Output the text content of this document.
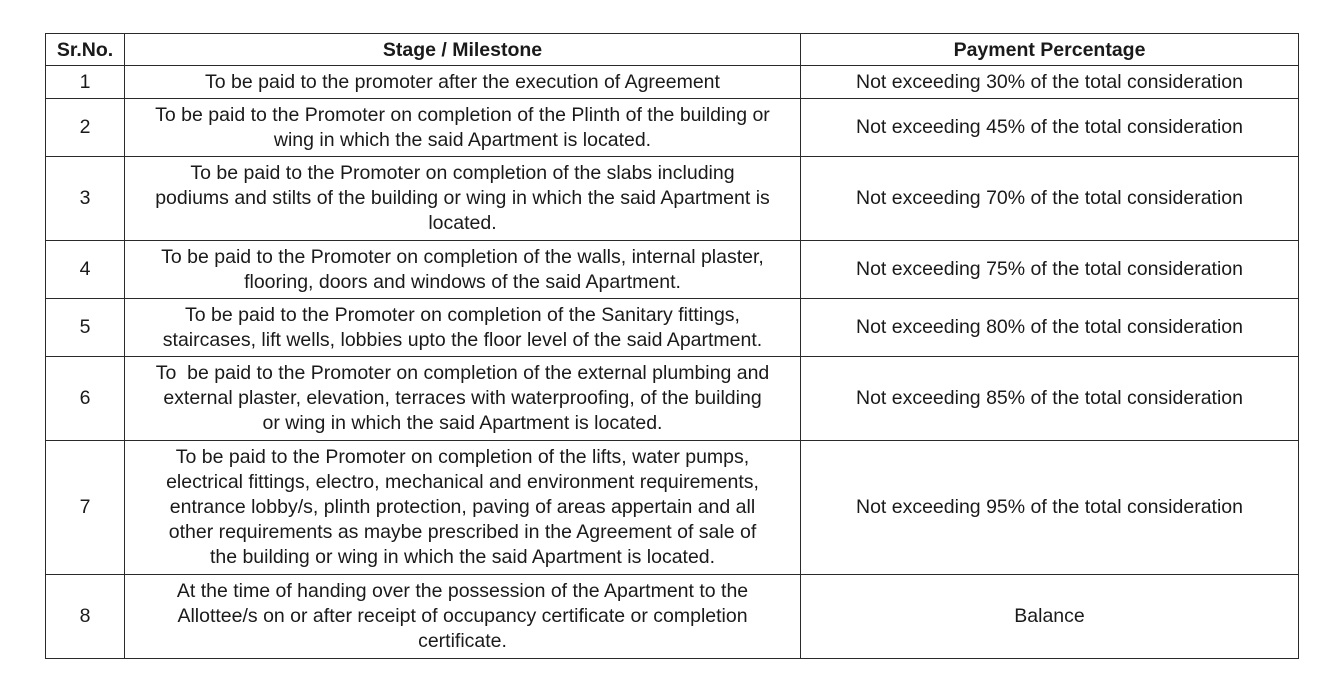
Sr.No.	Stage / Milestone	Payment Percentage
1	To be paid to the promoter after the execution of Agreement	Not exceeding 30% of the total consideration
2	To be paid to the Promoter on completion of the Plinth of the building or
wing in which the said Apartment is located.	Not exceeding 45% of the total consideration
3	To be paid to the Promoter on completion of the slabs including
podiums and stilts of the building or wing in which the said Apartment is
located.	Not exceeding 70% of the total consideration
4	To be paid to the Promoter on completion of the walls, internal plaster,
flooring, doors and windows of the said Apartment.	Not exceeding 75% of the total consideration
5	To be paid to the Promoter on completion of the Sanitary fittings,
staircases, lift wells, lobbies upto the floor level of the said Apartment.	Not exceeding 80% of the total consideration
6	To  be paid to the Promoter on completion of the external plumbing and
external plaster, elevation, terraces with waterproofing, of the building
or wing in which the said Apartment is located.	Not exceeding 85% of the total consideration
7	To be paid to the Promoter on completion of the lifts, water pumps,
electrical fittings, electro, mechanical and environment requirements,
entrance lobby/s, plinth protection, paving of areas appertain and all
other requirements as maybe prescribed in the Agreement of sale of
the building or wing in which the said Apartment is located.	Not exceeding 95% of the total consideration
8	At the time of handing over the possession of the Apartment to the
Allottee/s on or after receipt of occupancy certificate or completion
certificate.	Balance
